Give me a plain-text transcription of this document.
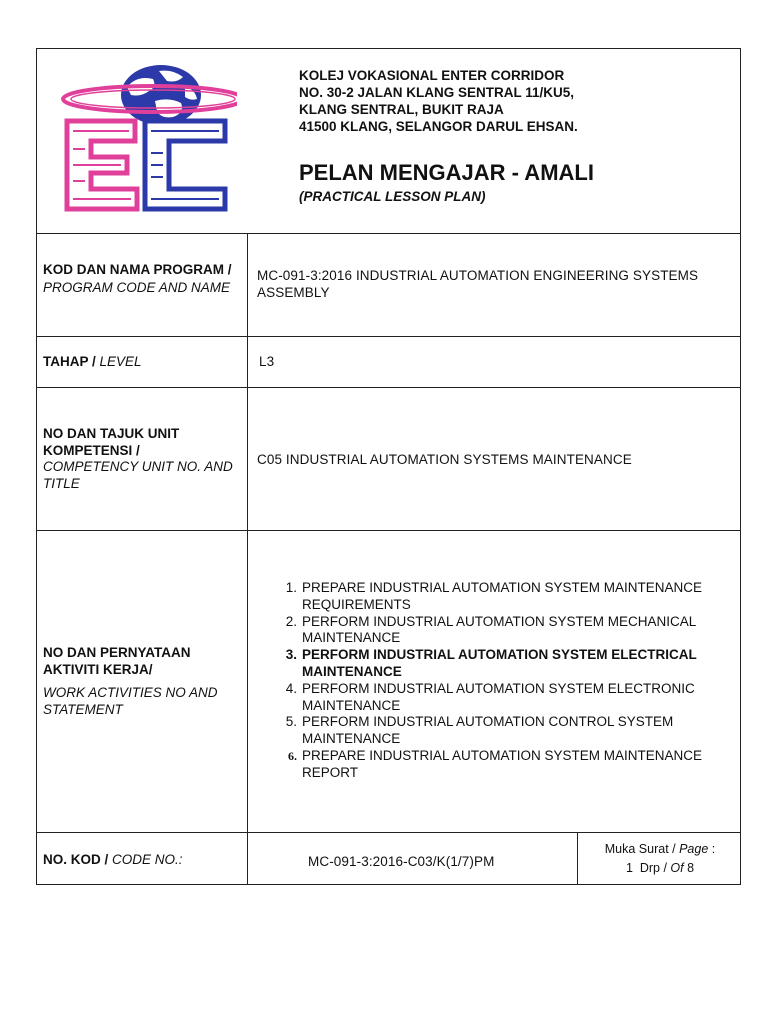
KOLEJ VOKASIONAL ENTER CORRIDOR
NO. 30-2 JALAN KLANG SENTRAL 11/KU5,
KLANG SENTRAL, BUKIT RAJA
41500 KLANG, SELANGOR DARUL EHSAN.
PELAN MENGAJAR - AMALI
(PRACTICAL LESSON PLAN)
KOD DAN NAMA PROGRAM / PROGRAM CODE AND NAME
MC-091-3:2016 INDUSTRIAL AUTOMATION ENGINEERING SYSTEMS ASSEMBLY
TAHAP / LEVEL	L3
NO DAN TAJUK UNIT KOMPETENSI /
COMPETENCY UNIT NO. AND TITLE
C05 INDUSTRIAL AUTOMATION SYSTEMS MAINTENANCE
NO DAN PERNYATAAN AKTIVITI KERJA/
WORK ACTIVITIES NO AND STATEMENT
1. PREPARE INDUSTRIAL AUTOMATION SYSTEM MAINTENANCE REQUIREMENTS
2. PERFORM INDUSTRIAL AUTOMATION SYSTEM MECHANICAL MAINTENANCE
3. PERFORM INDUSTRIAL AUTOMATION SYSTEM ELECTRICAL MAINTENANCE
4. PERFORM INDUSTRIAL AUTOMATION SYSTEM ELECTRONIC MAINTENANCE
5. PERFORM INDUSTRIAL AUTOMATION CONTROL SYSTEM MAINTENANCE
6. PREPARE INDUSTRIAL AUTOMATION SYSTEM MAINTENANCE REPORT
NO. KOD / CODE NO.:	MC-091-3:2016-C03/K(1/7)PM
Muka Surat / Page :
1  Drp / Of 8
